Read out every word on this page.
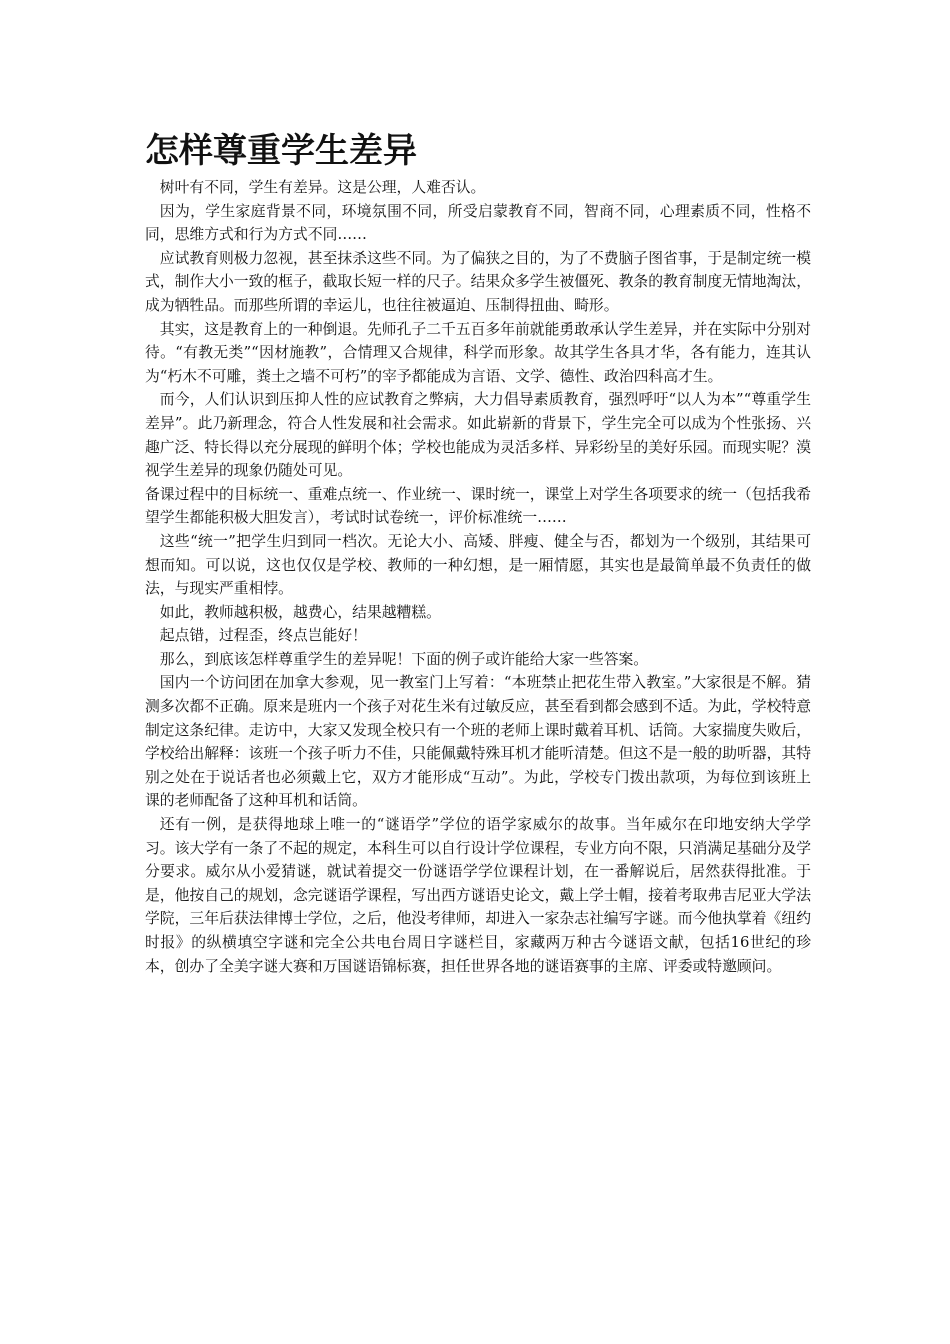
怎样尊重学生差异

树叶有不同，学生有差异。这是公理，人难否认。

因为，学生家庭背景不同，环境氛围不同，所受启蒙教育不同，智商不同，心理素质不同，性格不同，思维方式和行为方式不同……

应试教育则极力忽视，甚至抹杀这些不同。为了偏狭之目的，为了不费脑子图省事，于是制定统一模式，制作大小一致的框子，截取长短一样的尺子。结果众多学生被僵死、教条的教育制度无情地淘汰，成为牺牲品。而那些所谓的幸运儿，也往往被逼迫、压制得扭曲、畸形。

其实，这是教育上的一种倒退。先师孔子二千五百多年前就能勇敢承认学生差异，并在实际中分别对待。“有教无类”“因材施教”，合情理又合规律，科学而形象。故其学生各具才华，各有能力，连其认为“朽木不可雕，粪土之墙不可朽”的宰予都能成为言语、文学、德性、政治四科高才生。

而今，人们认识到压抑人性的应试教育之弊病，大力倡导素质教育，强烈呼吁“以人为本”“尊重学生差异”。此乃新理念，符合人性发展和社会需求。如此崭新的背景下，学生完全可以成为个性张扬、兴趣广泛、特长得以充分展现的鲜明个体；学校也能成为灵活多样、异彩纷呈的美好乐园。而现实呢？漠视学生差异的现象仍随处可见。

备课过程中的目标统一、重难点统一、作业统一、课时统一，课堂上对学生各项要求的统一（包括我希望学生都能积极大胆发言），考试时试卷统一，评价标准统一……

这些“统一”把学生归到同一档次。无论大小、高矮、胖瘦、健全与否，都划为一个级别，其结果可想而知。可以说，这也仅仅是学校、教师的一种幻想，是一厢情愿，其实也是最简单最不负责任的做法，与现实严重相悖。

如此，教师越积极，越费心，结果越糟糕。

起点错，过程歪，终点岂能好！

那么，到底该怎样尊重学生的差异呢！下面的例子或许能给大家一些答案。

国内一个访问团在加拿大参观，见一教室门上写着：“本班禁止把花生带入教室。”大家很是不解。猜测多次都不正确。原来是班内一个孩子对花生米有过敏反应，甚至看到都会感到不适。为此，学校特意制定这条纪律。走访中，大家又发现全校只有一个班的老师上课时戴着耳机、话筒。大家揣度失败后，学校给出解释：该班一个孩子听力不佳，只能佩戴特殊耳机才能听清楚。但这不是一般的助听器，其特别之处在于说话者也必须戴上它，双方才能形成“互动”。为此，学校专门拨出款项，为每位到该班上课的老师配备了这种耳机和话筒。

还有一例，是获得地球上唯一的“谜语学”学位的语学家威尔的故事。当年威尔在印地安纳大学学习。该大学有一条了不起的规定，本科生可以自行设计学位课程，专业方向不限，只消满足基础分及学分要求。威尔从小爱猜谜，就试着提交一份谜语学学位课程计划，在一番解说后，居然获得批准。于是，他按自己的规划，念完谜语学课程，写出西方谜语史论文，戴上学士帽，接着考取弗吉尼亚大学法学院，三年后获法律博士学位，之后，他没考律师，却进入一家杂志社编写字谜。而今他执掌着《纽约时报》的纵横填空字谜和完全公共电台周日字谜栏目，家藏两万种古今谜语文献，包括16世纪的珍本，创办了全美字谜大赛和万国谜语锦标赛，担任世界各地的谜语赛事的主席、评委或特邀顾问。
